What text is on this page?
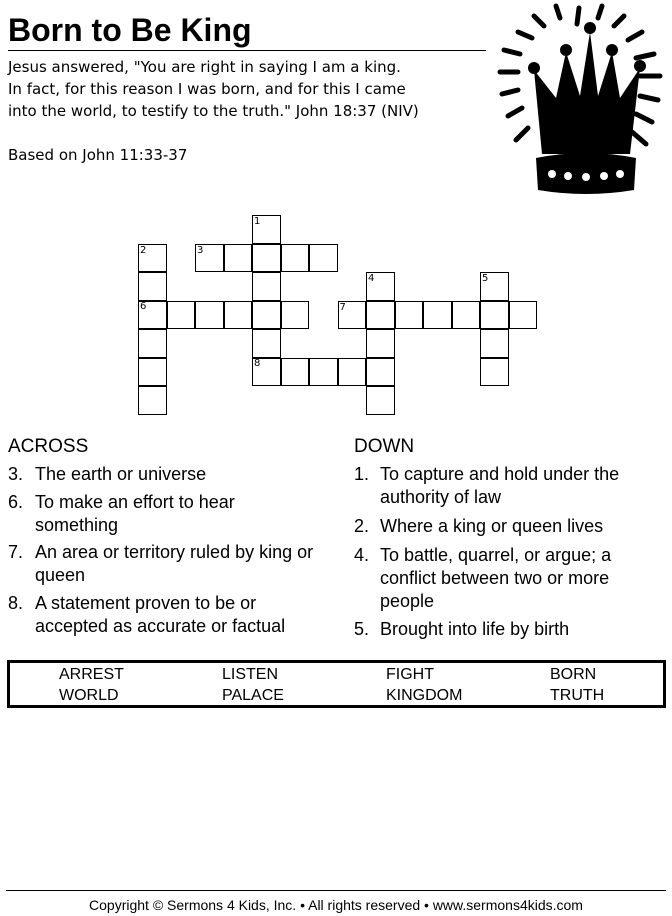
Born to Be King
Jesus answered, "You are right in saying I am a king.
In fact, for this reason I was born, and for this I came
into the world, to testify to the truth." John 18:37 (NIV)
Based on John 11:33-37
1
2	3
6
4	5
7
8
ACROSS
3. The earth or universe
6. To make an effort to hear something
7. An area or territory ruled by king or queen
8. A statement proven to be or accepted as accurate or factual
DOWN
1. To capture and hold under the authority of law
2. Where a king or queen lives
4. To battle, quarrel, or argue; a conflict between two or more people
5. Brought into life by birth
ARREST	LISTEN	FIGHT	BORN
WORLD	PALACE	KINGDOM	TRUTH
Copyright © Sermons 4 Kids, Inc. • All rights reserved • www.sermons4kids.com
